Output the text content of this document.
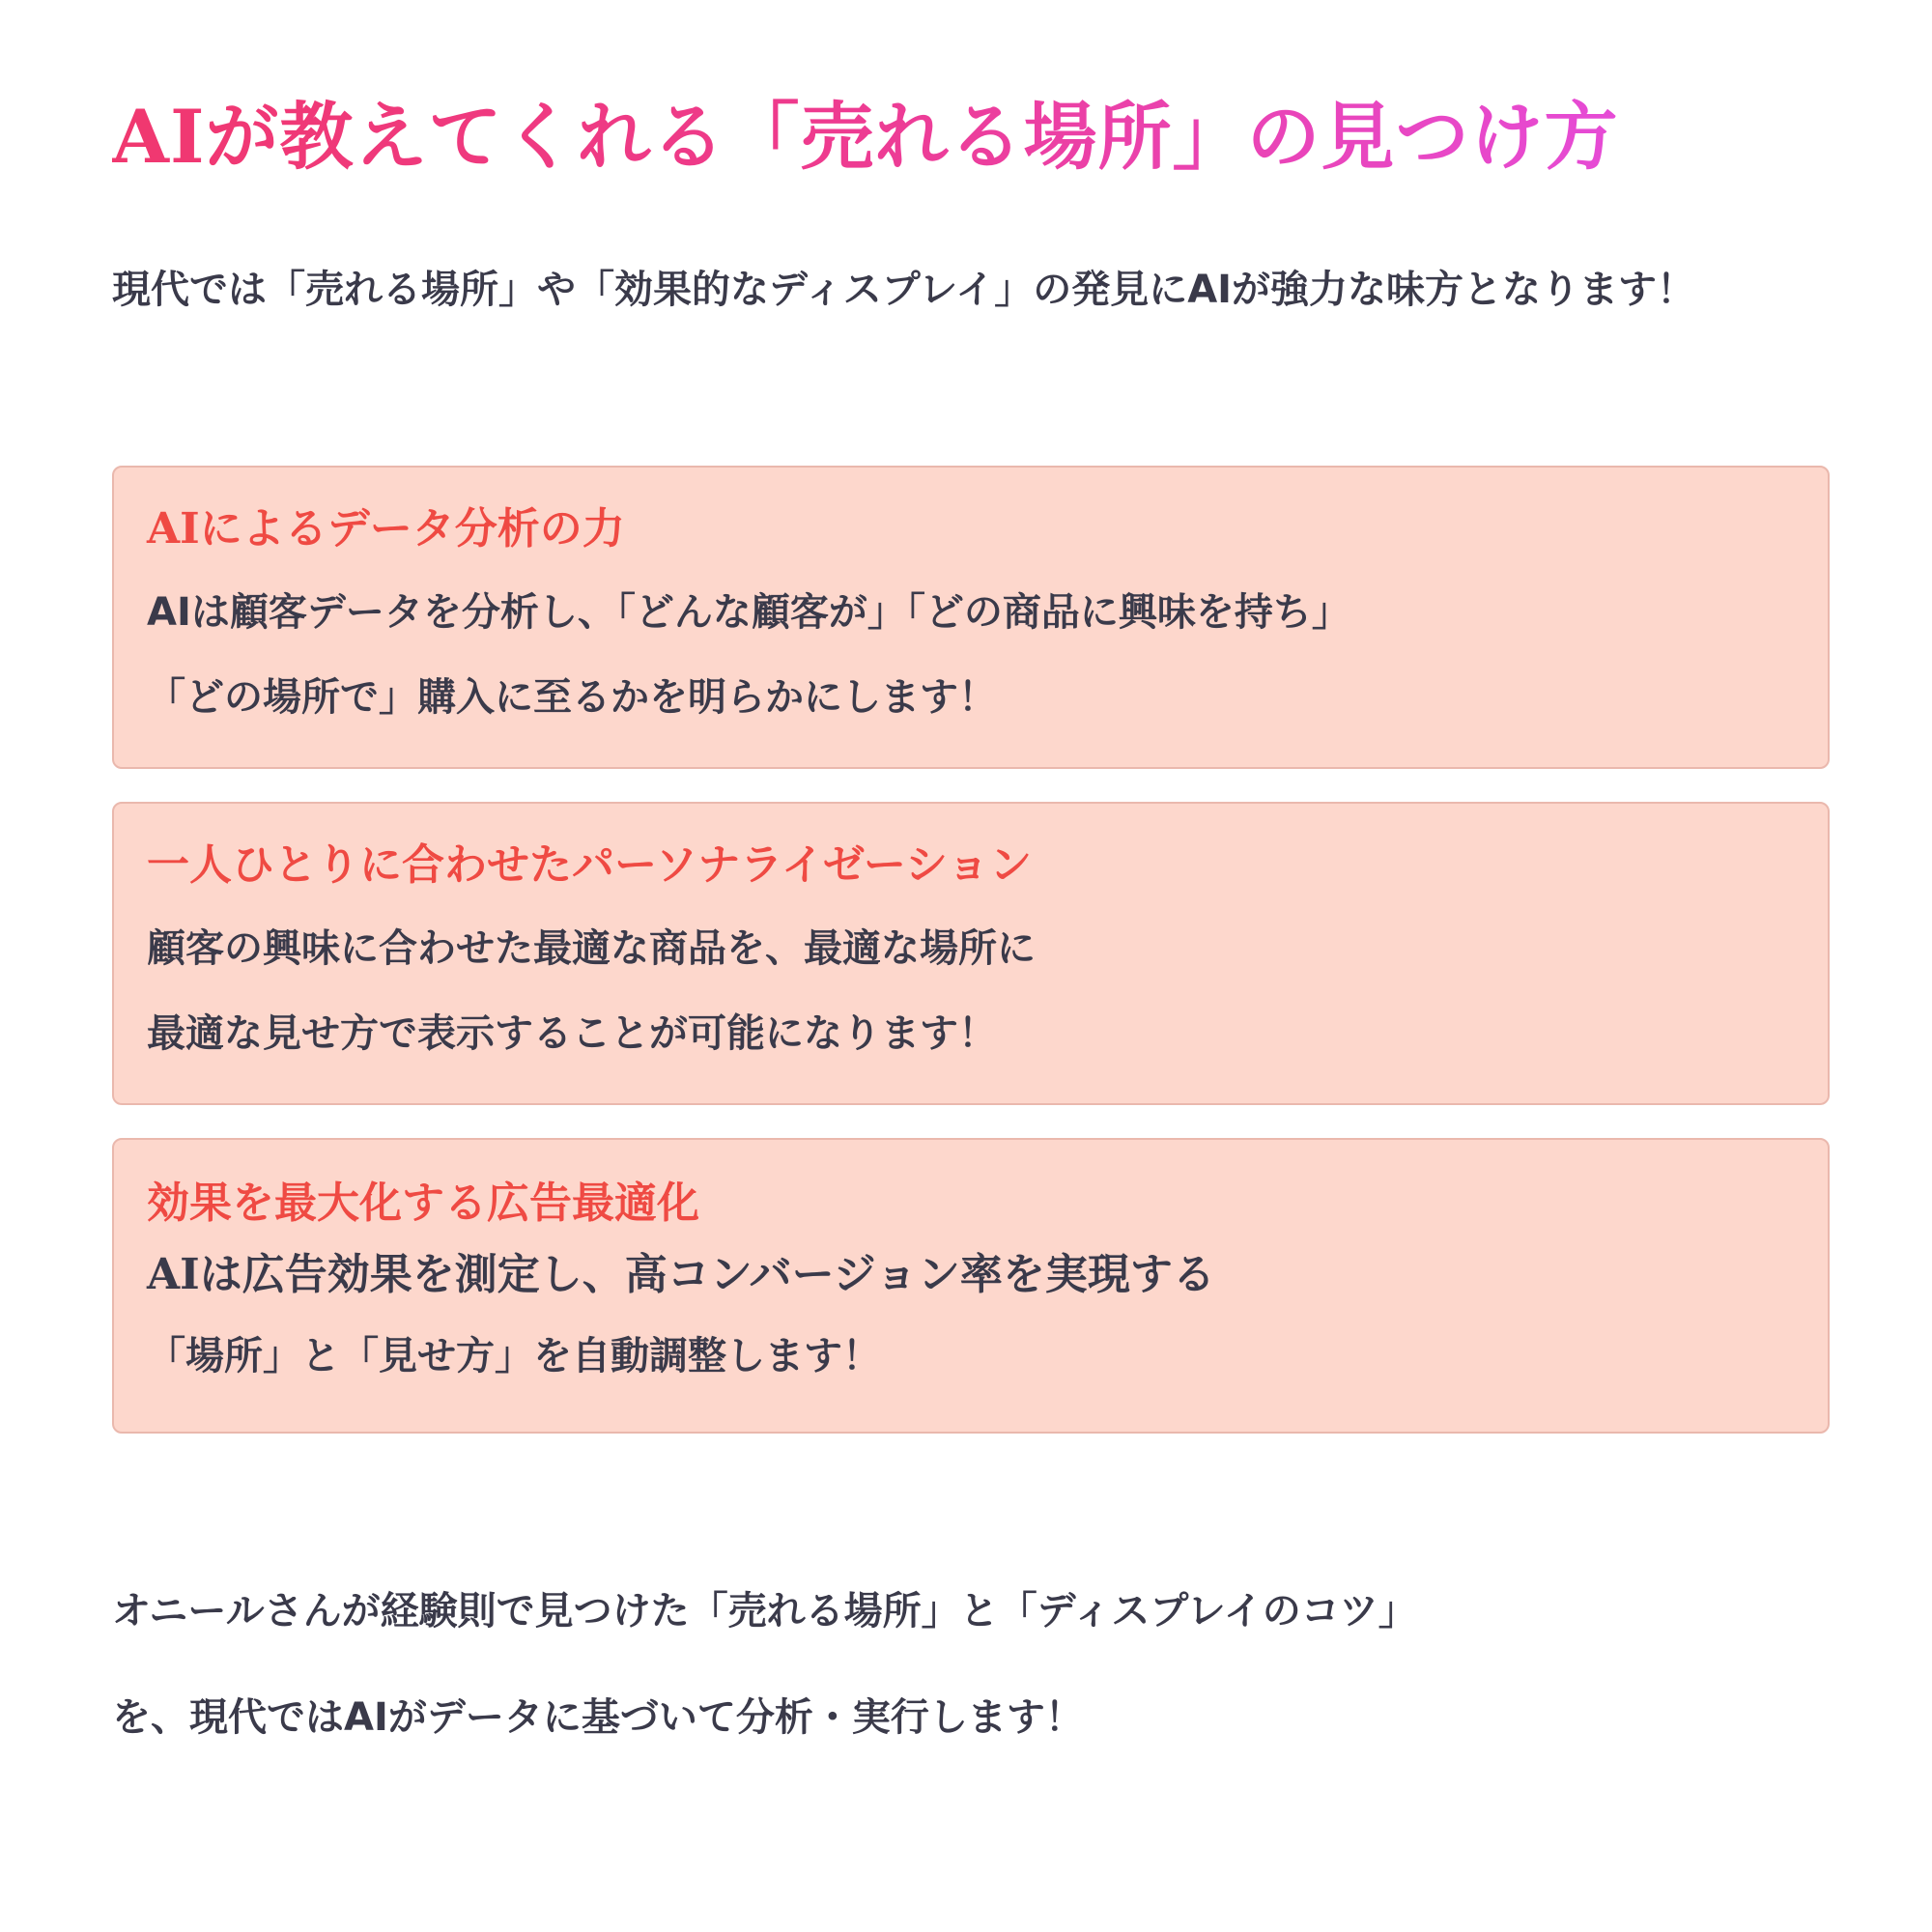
AIが教えてくれる「売れる場所」の見つけ方

現代では「売れる場所」や「効果的なディスプレイ」の発見にAIが強力な味方となります！

AIによるデータ分析の力

AIは顧客データを分析し、「どんな顧客が」「どの商品に興味を持ち」

「どの場所で」購入に至るかを明らかにします！

一人ひとりに合わせたパーソナライゼーション

顧客の興味に合わせた最適な商品を、最適な場所に

最適な見せ方で表示することが可能になります！

効果を最大化する広告最適化

AIは広告効果を測定し、高コンバージョン率を実現する

「場所」と「見せ方」を自動調整します！

オニールさんが経験則で見つけた「売れる場所」と「ディスプレイのコツ」

を、現代ではAIがデータに基づいて分析・実行します！
